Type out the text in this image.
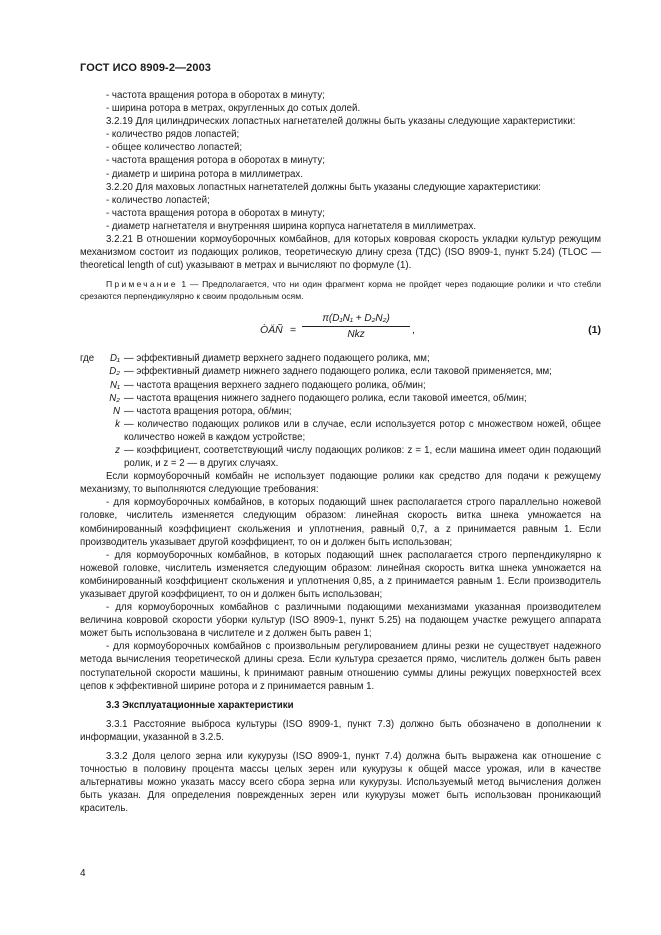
ГОСТ ИСО 8909-2—2003

- частота вращения ротора в оборотах в минуту;

- ширина ротора в метрах, округленных до сотых долей.

3.2.19 Для цилиндрических лопастных нагнетателей должны быть указаны следующие характеристики:

- количество рядов лопастей;

- общее количество лопастей;

- частота вращения ротора в оборотах в минуту;

- диаметр и ширина ротора в миллиметрах.

3.2.20 Для маховых лопастных нагнетателей должны быть указаны следующие характеристики:

- количество лопастей;

- частота вращения ротора в оборотах в минуту;

- диаметр нагнетателя и внутренняя ширина корпуса нагнетателя в миллиметрах.

3.2.21 В отношении кормоуборочных комбайнов, для которых ковровая скорость укладки культур режущим механизмом состоит из подающих роликов, теоретическую длину среза (ТДС) (ISO 8909-1, пункт 5.24) (TLOC — theoretical length of cut) указывают в метрах и вычисляют по формуле (1).

Примечание 1 — Предполагается, что ни один фрагмент корма не пройдет через подающие ролики и что стебли срезаются перпендикулярно к своим продольным осям.

ÒÄÑ =
π(D₁N₁ + D₂N₂)
Nkz	,	(1)
где	D₁ — эффективный диаметр верхнего заднего подающего ролика, мм;
D₂ — эффективный диаметр нижнего заднего подающего ролика, если таковой применяется, мм;
N₁ — частота вращения верхнего заднего подающего ролика, об/мин;
N₂ — частота вращения нижнего заднего подающего ролика, если таковой имеется, об/мин;
N — частота вращения ротора, об/мин;
k — количество подающих роликов или в случае, если используется ротор с множеством ножей, общее количество ножей в каждом устройстве;
z — коэффициент, соответствующий числу подающих роликов: z = 1, если машина имеет один подающий ролик, и z = 2 — в других случаях.

Если кормоуборочный комбайн не использует подающие ролики как средство для подачи к режущему механизму, то выполняются следующие требования:

- для кормоуборочных комбайнов, в которых подающий шнек располагается строго параллельно ножевой головке, числитель изменяется следующим образом: линейная скорость витка шнека умножается на комбинированный коэффициент скольжения и уплотнения, равный 0,7, а z принимается равным 1. Если производитель указывает другой коэффициент, то он и должен быть использован;

- для кормоуборочных комбайнов, в которых подающий шнек располагается строго перпендикулярно к ножевой головке, числитель изменяется следующим образом: линейная скорость витка шнека умножается на комбинированный коэффициент скольжения и уплотнения 0,85, а z принимается равным 1. Если производитель указывает другой коэффициент, то он и должен быть использован;

- для кормоуборочных комбайнов с различными подающими механизмами указанная производителем величина ковровой скорости уборки культур (ISO 8909-1, пункт 5.25) на подающем участке режущего аппарата может быть использована в числителе и z должен быть равен 1;

- для кормоуборочных комбайнов с произвольным регулированием длины резки не существует надежного метода вычисления теоретической длины среза. Если культура срезается прямо, числитель должен быть равен поступательной скорости машины, k принимают равным отношению суммы длины режущих поверхностей всех цепов к эффективной ширине ротора и z принимается равным 1.

3.3 Эксплуатационные характеристики

3.3.1 Расстояние выброса культуры (ISO 8909-1, пункт 7.3) должно быть обозначено в дополнении к информации, указанной в 3.2.5.

3.3.2 Доля целого зерна или кукурузы (ISO 8909-1, пункт 7.4) должна быть выражена как отношение с точностью в половину процента массы целых зерен или кукурузы к общей массе урожая, или в качестве альтернативы можно указать массу всего сбора зерна или кукурузы. Используемый метод вычисления должен быть указан. Для определения поврежденных зерен или кукурузы может быть использован проникающий краситель.

4
